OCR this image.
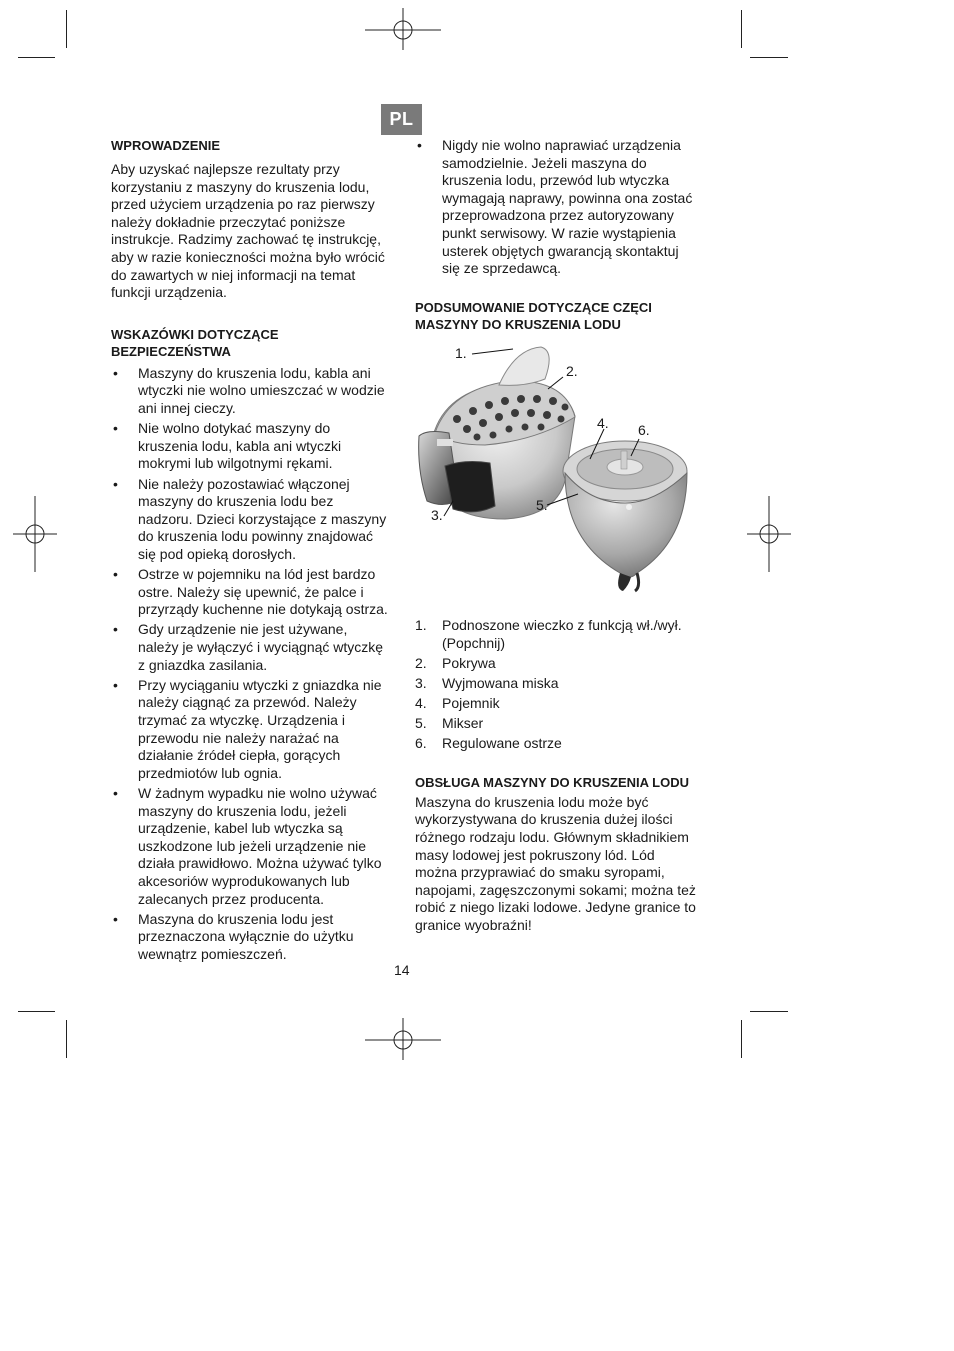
PL
WPROWADZENIE

Aby uzyskać najlepsze rezultaty przy korzystaniu z maszyny do kruszenia lodu, przed użyciem urządzenia po raz pierwszy należy dokładnie przeczytać poniższe instrukcje. Radzimy zachować tę instrukcję, aby w razie konieczności można było wrócić do zawartych w niej informacji na temat funkcji urządzenia.

WSKAZÓWKI DOTYCZĄCE BEZPIECZEŃSTWA
• Maszyny do kruszenia lodu, kabla ani wtyczki nie wolno umieszczać w wodzie ani innej cieczy.
• Nie wolno dotykać maszyny do kruszenia lodu, kabla ani wtyczki mokrymi lub wilgotnymi rękami.
• Nie należy pozostawiać włączonej maszyny do kruszenia lodu bez nadzoru. Dzieci korzystające z maszyny do kruszenia lodu powinny znajdować się pod opieką dorosłych.
• Ostrze w pojemniku na lód jest bardzo ostre. Należy się upewnić, że palce i przyrządy kuchenne nie dotykają ostrza.
• Gdy urządzenie nie jest używane, należy je wyłączyć i wyciągnąć wtyczkę z gniazdka zasilania.
• Przy wyciąganiu wtyczki z gniazdka nie należy ciągnąć za przewód. Należy trzymać za wtyczkę. Urządzenia i przewodu nie należy narażać na działanie źródeł ciepła, gorących przedmiotów lub ognia.
• W żadnym wypadku nie wolno używać maszyny do kruszenia lodu, jeżeli urządzenie, kabel lub wtyczka są uszkodzone lub jeżeli urządzenie nie działa prawidłowo. Można używać tylko akcesoriów wyprodukowanych lub zalecanych przez producenta.
• Maszyna do kruszenia lodu jest przeznaczona wyłącznie do użytku wewnątrz pomieszczeń.
• Nigdy nie wolno naprawiać urządzenia samodzielnie. Jeżeli maszyna do kruszenia lodu, przewód lub wtyczka wymagają naprawy, powinna ona zostać przeprowadzona przez autoryzowany punkt serwisowy. W razie wystąpienia usterek objętych gwarancją skontaktuj się ze sprzedawcą.
PODSUMOWANIE DOTYCZĄCE CZĘCI MASZYNY DO KRUSZENIA LODU
1.
2.
3.
4.
5.
6.
1. Podnoszone wieczko z funkcją wł./wył. (Popchnij)
2. Pokrywa
3. Wyjmowana miska
4. Pojemnik
5. Mikser
6. Regulowane ostrze
OBSŁUGA MASZYNY DO KRUSZENIA LODU

Maszyna do kruszenia lodu może być wykorzystywana do kruszenia dużej ilości różnego rodzaju lodu. Głównym składnikiem masy lodowej jest pokruszony lód. Lód można przyprawiać do smaku syropami, napojami, zagęszczonymi sokami; można też robić z niego lizaki lodowe. Jedyne granice to granice wyobraźni!

14
